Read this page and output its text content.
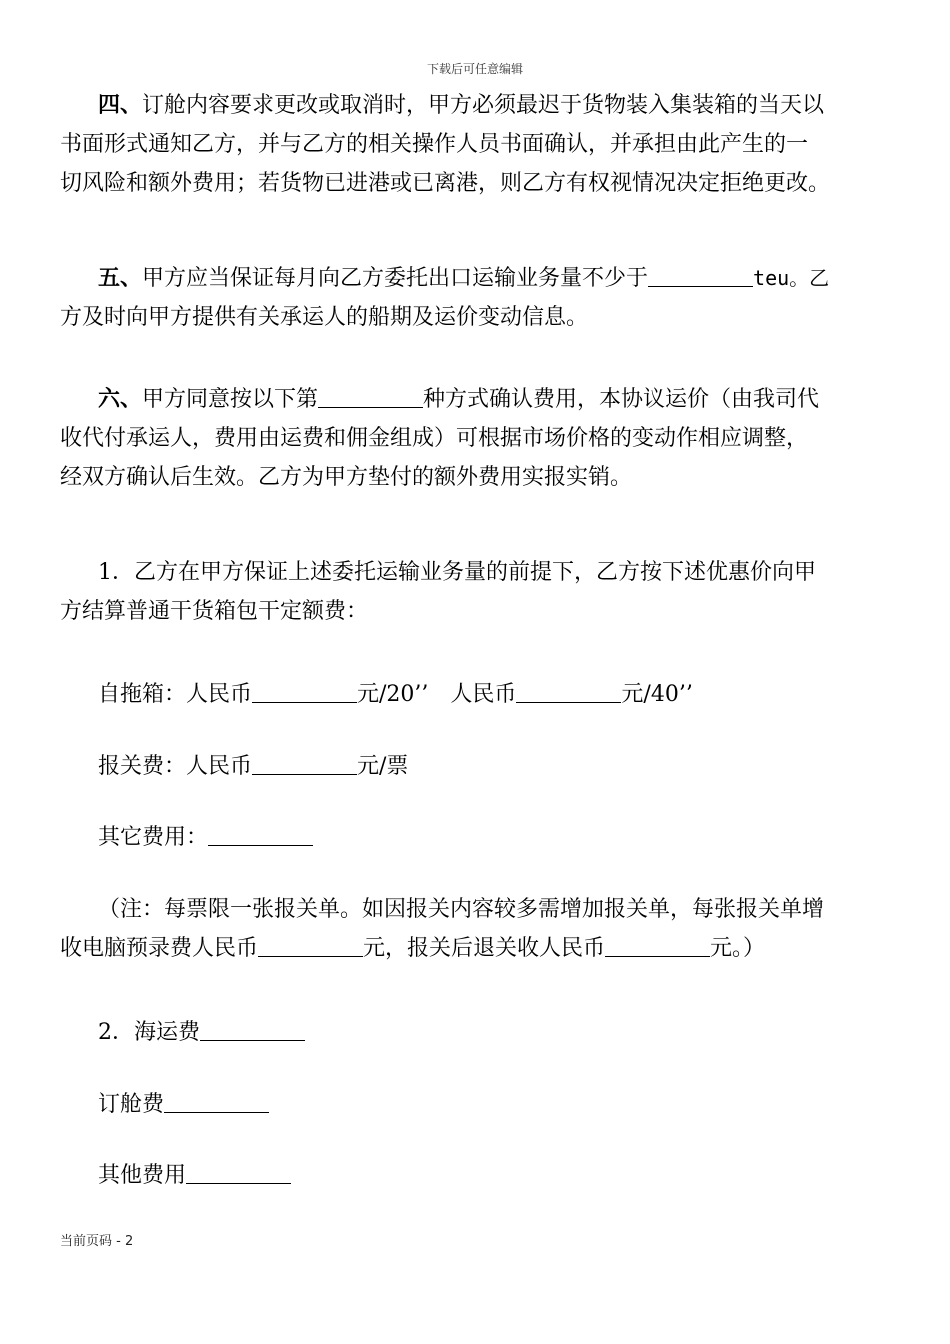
下载后可任意编辑
四、订舱内容要求更改或取消时，甲方必须最迟于货物装入集装箱的当天以
书面形式通知乙方，并与乙方的相关操作人员书面确认，并承担由此产生的一
切风险和额外费用；若货物已进港或已离港，则乙方有权视情况决定拒绝更改。
五、甲方应当保证每月向乙方委托出口运输业务量不少于	teu。乙
方及时向甲方提供有关承运人的船期及运价变动信息。
六、甲方同意按以下第	种方式确认费用，本协议运价（由我司代
收代付承运人，费用由运费和佣金组成）可根据市场价格的变动作相应调整，
经双方确认后生效。乙方为甲方垫付的额外费用实报实销。
1．乙方在甲方保证上述委托运输业务量的前提下，乙方按下述优惠价向甲
方结算普通干货箱包干定额费：
自拖箱：人民币	元/20’’　人民币	元/40’’
报关费：人民币	元/票
其它费用：
（注：每票限一张报关单。如因报关内容较多需增加报关单，每张报关单增
收电脑预录费人民币	元，报关后退关收人民币	元。）
2．海运费
订舱费
其他费用
当前页码 - 2
